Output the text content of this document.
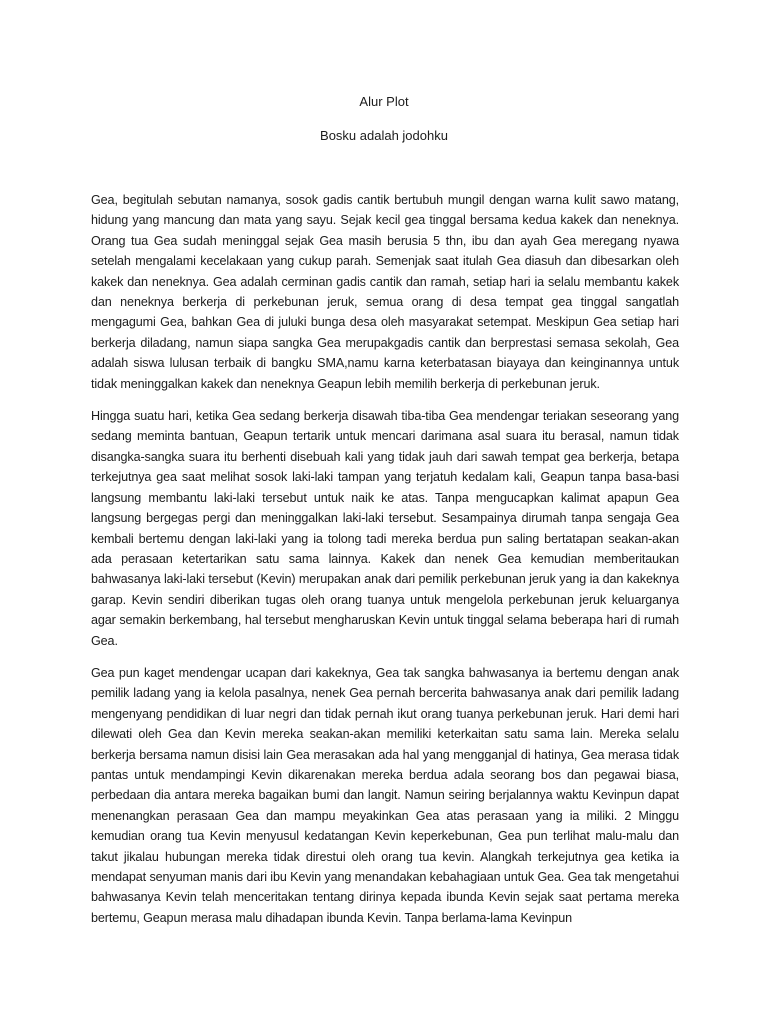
Alur Plot
Bosku adalah jodohku

Gea, begitulah sebutan namanya, sosok gadis cantik bertubuh mungil dengan warna kulit sawo matang, hidung yang mancung dan mata yang sayu. Sejak kecil gea tinggal bersama kedua kakek dan neneknya. Orang tua Gea sudah meninggal sejak Gea masih berusia 5 thn, ibu dan ayah Gea meregang nyawa setelah mengalami kecelakaan yang cukup parah. Semenjak saat itulah Gea diasuh dan dibesarkan oleh kakek dan neneknya. Gea adalah cerminan gadis cantik dan ramah, setiap hari ia selalu membantu kakek dan neneknya berkerja di perkebunan jeruk, semua orang di desa tempat gea tinggal sangatlah mengagumi Gea, bahkan Gea di juluki bunga desa oleh masyarakat setempat. Meskipun Gea setiap hari berkerja diladang, namun siapa sangka Gea merupakgadis cantik dan berprestasi semasa sekolah, Gea adalah siswa lulusan terbaik di bangku SMA,namu karna keterbatasan biayaya dan keinginannya untuk tidak meninggalkan kakek dan neneknya Geapun lebih memilih berkerja di perkebunan jeruk.

Hingga suatu hari, ketika Gea sedang berkerja disawah tiba-tiba Gea mendengar teriakan seseorang yang sedang meminta bantuan, Geapun tertarik untuk mencari darimana asal suara itu berasal, namun tidak disangka-sangka suara itu berhenti disebuah kali yang tidak jauh dari sawah tempat gea berkerja, betapa terkejutnya gea saat melihat sosok laki-laki tampan yang terjatuh kedalam kali, Geapun tanpa basa-basi langsung membantu laki-laki tersebut untuk naik ke atas. Tanpa mengucapkan kalimat apapun Gea langsung bergegas pergi dan meninggalkan laki-laki tersebut. Sesampainya dirumah tanpa sengaja Gea kembali bertemu dengan laki-laki yang ia tolong tadi mereka berdua pun saling bertatapan seakan-akan ada perasaan ketertarikan satu sama lainnya. Kakek dan nenek Gea kemudian memberitaukan bahwasanya laki-laki tersebut (Kevin) merupakan anak dari pemilik perkebunan jeruk yang ia dan kakeknya garap. Kevin sendiri diberikan tugas oleh orang tuanya untuk mengelola perkebunan jeruk keluarganya agar semakin berkembang, hal tersebut mengharuskan Kevin untuk tinggal selama beberapa hari di rumah Gea.

Gea pun kaget mendengar ucapan dari kakeknya, Gea tak sangka bahwasanya ia bertemu dengan anak pemilik ladang yang ia kelola pasalnya, nenek Gea pernah bercerita bahwasanya anak dari pemilik ladang mengenyang pendidikan di luar negri dan tidak pernah ikut orang tuanya perkebunan jeruk. Hari demi hari dilewati oleh Gea dan Kevin mereka seakan-akan memiliki keterkaitan satu sama lain. Mereka selalu berkerja bersama namun disisi lain Gea merasakan ada hal yang mengganjal di hatinya, Gea merasa tidak pantas untuk mendampingi Kevin dikarenakan mereka berdua adala seorang bos dan pegawai biasa, perbedaan dia antara mereka bagaikan bumi dan langit. Namun seiring berjalannya waktu Kevinpun dapat menenangkan perasaan Gea dan mampu meyakinkan Gea atas perasaan yang ia miliki. 2 Minggu kemudian orang tua Kevin menyusul kedatangan Kevin keperkebunan, Gea pun terlihat malu-malu dan takut jikalau hubungan mereka tidak direstui oleh orang tua kevin. Alangkah terkejutnya gea ketika ia mendapat senyuman manis dari ibu Kevin yang menandakan kebahagiaan untuk Gea. Gea tak mengetahui bahwasanya Kevin telah menceritakan tentang dirinya kepada ibunda Kevin sejak saat pertama mereka bertemu, Geapun merasa malu dihadapan ibunda Kevin. Tanpa berlama-lama Kevinpun
